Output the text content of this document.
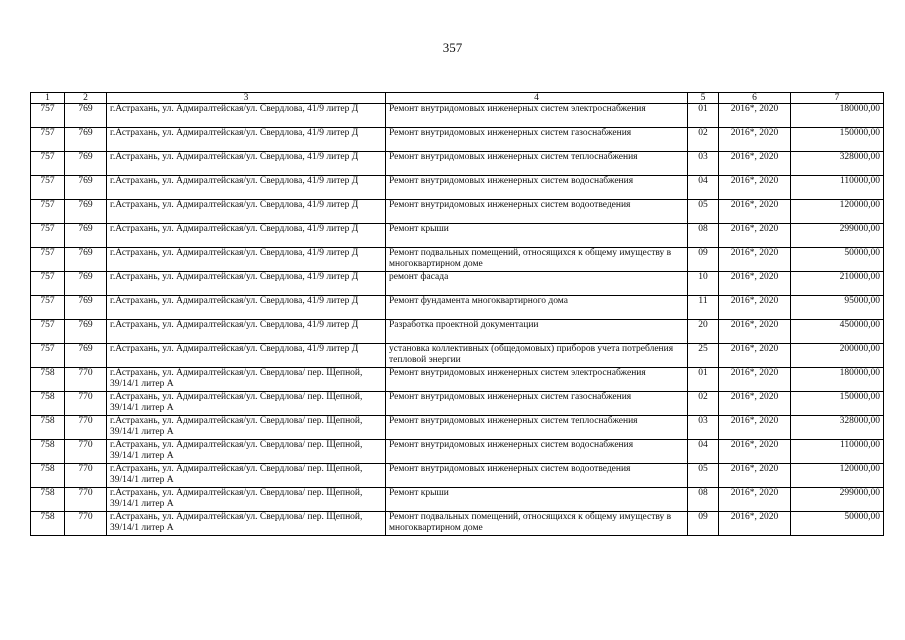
357
1	2	3	4	5	6	7
757	769	г.Астрахань, ул. Адмиралтейская/ул. Свердлова, 41/9 литер Д	Ремонт внутридомовых инженерных систем электроснабжения	01	2016*, 2020	180000,00
757	769	г.Астрахань, ул. Адмиралтейская/ул. Свердлова, 41/9 литер Д	Ремонт внутридомовых инженерных систем газоснабжения	02	2016*, 2020	150000,00
757	769	г.Астрахань, ул. Адмиралтейская/ул. Свердлова, 41/9 литер Д	Ремонт внутридомовых инженерных систем теплоснабжения	03	2016*, 2020	328000,00
757	769	г.Астрахань, ул. Адмиралтейская/ул. Свердлова, 41/9 литер Д	Ремонт внутридомовых инженерных систем водоснабжения	04	2016*, 2020	110000,00
757	769	г.Астрахань, ул. Адмиралтейская/ул. Свердлова, 41/9 литер Д	Ремонт внутридомовых инженерных систем водоотведения	05	2016*, 2020	120000,00
757	769	г.Астрахань, ул. Адмиралтейская/ул. Свердлова, 41/9 литер Д	Ремонт крыши	08	2016*, 2020	299000,00
757	769	г.Астрахань, ул. Адмиралтейская/ул. Свердлова, 41/9 литер Д	Ремонт подвальных помещений, относящихся к общему имуществу в многоквартирном доме	09	2016*, 2020	50000,00
757	769	г.Астрахань, ул. Адмиралтейская/ул. Свердлова, 41/9 литер Д	ремонт фасада	10	2016*, 2020	210000,00
757	769	г.Астрахань, ул. Адмиралтейская/ул. Свердлова, 41/9 литер Д	Ремонт фундамента многоквартирного дома	11	2016*, 2020	95000,00
757	769	г.Астрахань, ул. Адмиралтейская/ул. Свердлова, 41/9 литер Д	Разработка проектной документации	20	2016*, 2020	450000,00
757	769	г.Астрахань, ул. Адмиралтейская/ул. Свердлова, 41/9 литер Д	установка коллективных (общедомовых) приборов учета потребления тепловой энергии	25	2016*, 2020	200000,00
758	770	г.Астрахань, ул. Адмиралтейская/ул. Свердлова/ пер. Щепной, 39/14/1 литер А	Ремонт внутридомовых инженерных систем электроснабжения	01	2016*, 2020	180000,00
758	770	г.Астрахань, ул. Адмиралтейская/ул. Свердлова/ пер. Щепной, 39/14/1 литер А	Ремонт внутридомовых инженерных систем газоснабжения	02	2016*, 2020	150000,00
758	770	г.Астрахань, ул. Адмиралтейская/ул. Свердлова/ пер. Щепной, 39/14/1 литер А	Ремонт внутридомовых инженерных систем теплоснабжения	03	2016*, 2020	328000,00
758	770	г.Астрахань, ул. Адмиралтейская/ул. Свердлова/ пер. Щепной, 39/14/1 литер А	Ремонт внутридомовых инженерных систем водоснабжения	04	2016*, 2020	110000,00
758	770	г.Астрахань, ул. Адмиралтейская/ул. Свердлова/ пер. Щепной, 39/14/1 литер А	Ремонт внутридомовых инженерных систем водоотведения	05	2016*, 2020	120000,00
758	770	г.Астрахань, ул. Адмиралтейская/ул. Свердлова/ пер. Щепной, 39/14/1 литер А	Ремонт крыши	08	2016*, 2020	299000,00
758	770	г.Астрахань, ул. Адмиралтейская/ул. Свердлова/ пер. Щепной, 39/14/1 литер А	Ремонт подвальных помещений, относящихся к общему имуществу в многоквартирном доме	09	2016*, 2020	50000,00
